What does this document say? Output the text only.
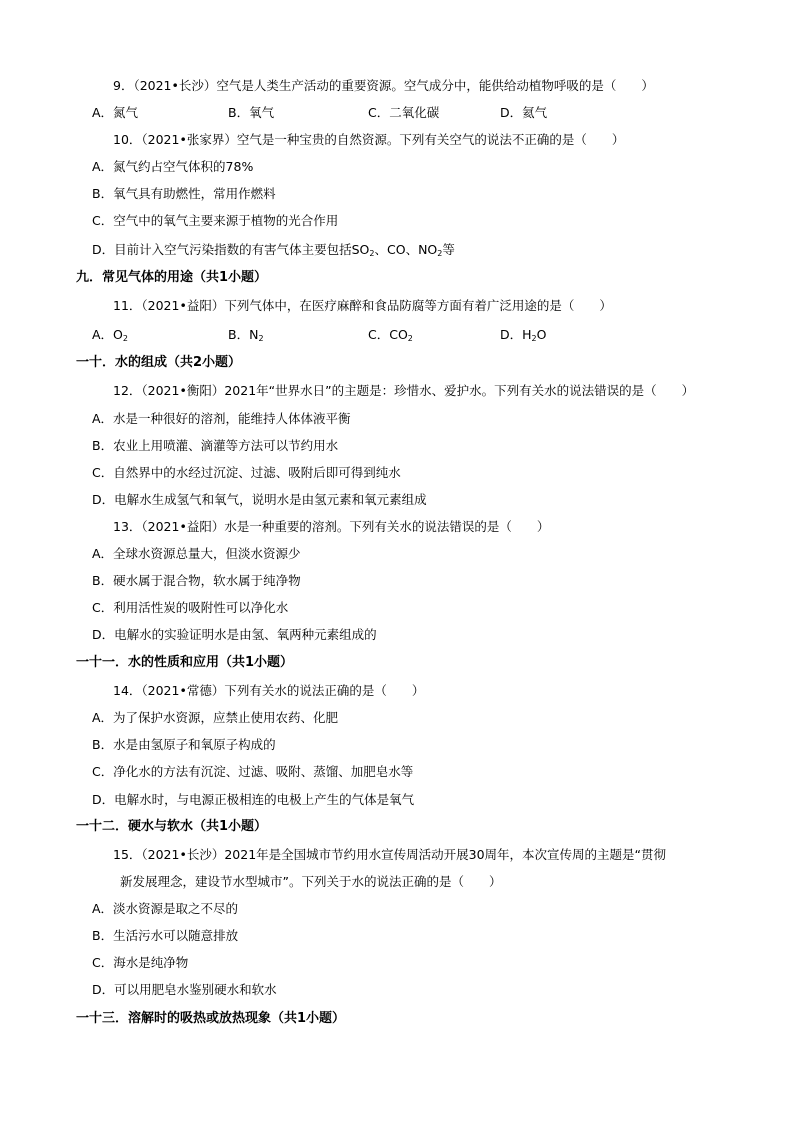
9．（2021•长沙）空气是人类生产活动的重要资源。空气成分中，能供给动植物呼吸的是（　　）
A．氮气	B．氧气	C．二氧化碳	D．氦气
10．（2021•张家界）空气是一种宝贵的自然资源。下列有关空气的说法不正确的是（　　）
A．氮气约占空气体积的78%
B．氧气具有助燃性，常用作燃料
C．空气中的氧气主要来源于植物的光合作用
D．目前计入空气污染指数的有害气体主要包括$SO_2$、CO、$NO_2$等
九．常见气体的用途（共1小题）
11．（2021•益阳）下列气体中，在医疗麻醉和食品防腐等方面有着广泛用途的是（　　）
A．$O_2$	B．$N_2$	C．$CO_2$	D．$H_2O$
一十．水的组成（共2小题）
12．（2021•衡阳）2021年“世界水日”的主题是：珍惜水、爱护水。下列有关水的说法错误的是（　　）
A．水是一种很好的溶剂，能维持人体体液平衡
B．农业上用喷灌、滴灌等方法可以节约用水
C．自然界中的水经过沉淀、过滤、吸附后即可得到纯水
D．电解水生成氢气和氧气，说明水是由氢元素和氧元素组成
13．（2021•益阳）水是一种重要的溶剂。下列有关水的说法错误的是（　　）
A．全球水资源总量大，但淡水资源少
B．硬水属于混合物，软水属于纯净物
C．利用活性炭的吸附性可以净化水
D．电解水的实验证明水是由氢、氧两种元素组成的
一十一．水的性质和应用（共1小题）
14．（2021•常德）下列有关水的说法正确的是（　　）
A．为了保护水资源，应禁止使用农药、化肥
B．水是由氢原子和氧原子构成的
C．净化水的方法有沉淀、过滤、吸附、蒸馏、加肥皂水等
D．电解水时，与电源正极相连的电极上产生的气体是氧气
一十二．硬水与软水（共1小题）
15．（2021•长沙）2021年是全国城市节约用水宣传周活动开展30周年，本次宣传周的主题是“贯彻
新发展理念，建设节水型城市”。下列关于水的说法正确的是（　　）
A．淡水资源是取之不尽的
B．生活污水可以随意排放
C．海水是纯净物
D．可以用肥皂水鉴别硬水和软水
一十三．溶解时的吸热或放热现象（共1小题）
